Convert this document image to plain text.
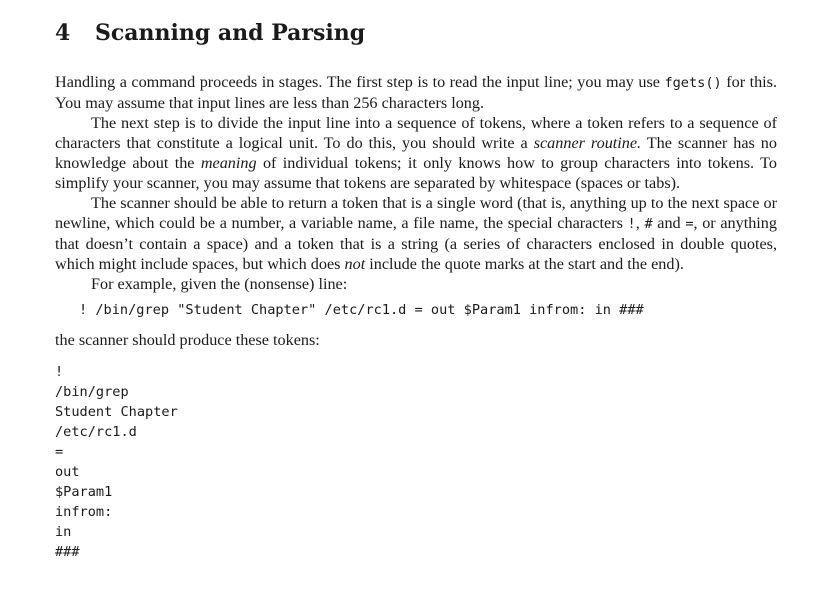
4 Scanning and Parsing

Handling a command proceeds in stages. The first step is to read the input line; you may use fgets() for this. You may assume that input lines are less than 256 characters long.

The next step is to divide the input line into a sequence of tokens, where a token refers to a sequence of characters that constitute a logical unit. To do this, you should write a scanner routine. The scanner has no knowledge about the meaning of individual tokens; it only knows how to group characters into tokens. To simplify your scanner, you may assume that tokens are separated by whitespace (spaces or tabs).

The scanner should be able to return a token that is a single word (that is, anything up to the next space or newline, which could be a number, a variable name, a file name, the special characters !, # and =, or anything that doesn’t contain a space) and a token that is a string (a series of characters enclosed in double quotes, which might include spaces, but which does not include the quote marks at the start and the end).

For example, given the (nonsense) line:

! /bin/grep "Student Chapter" /etc/rc1.d = out $Param1 infrom: in ###

the scanner should produce these tokens:

!
/bin/grep
Student Chapter
/etc/rc1.d
=
out
$Param1
infrom:
in
###
